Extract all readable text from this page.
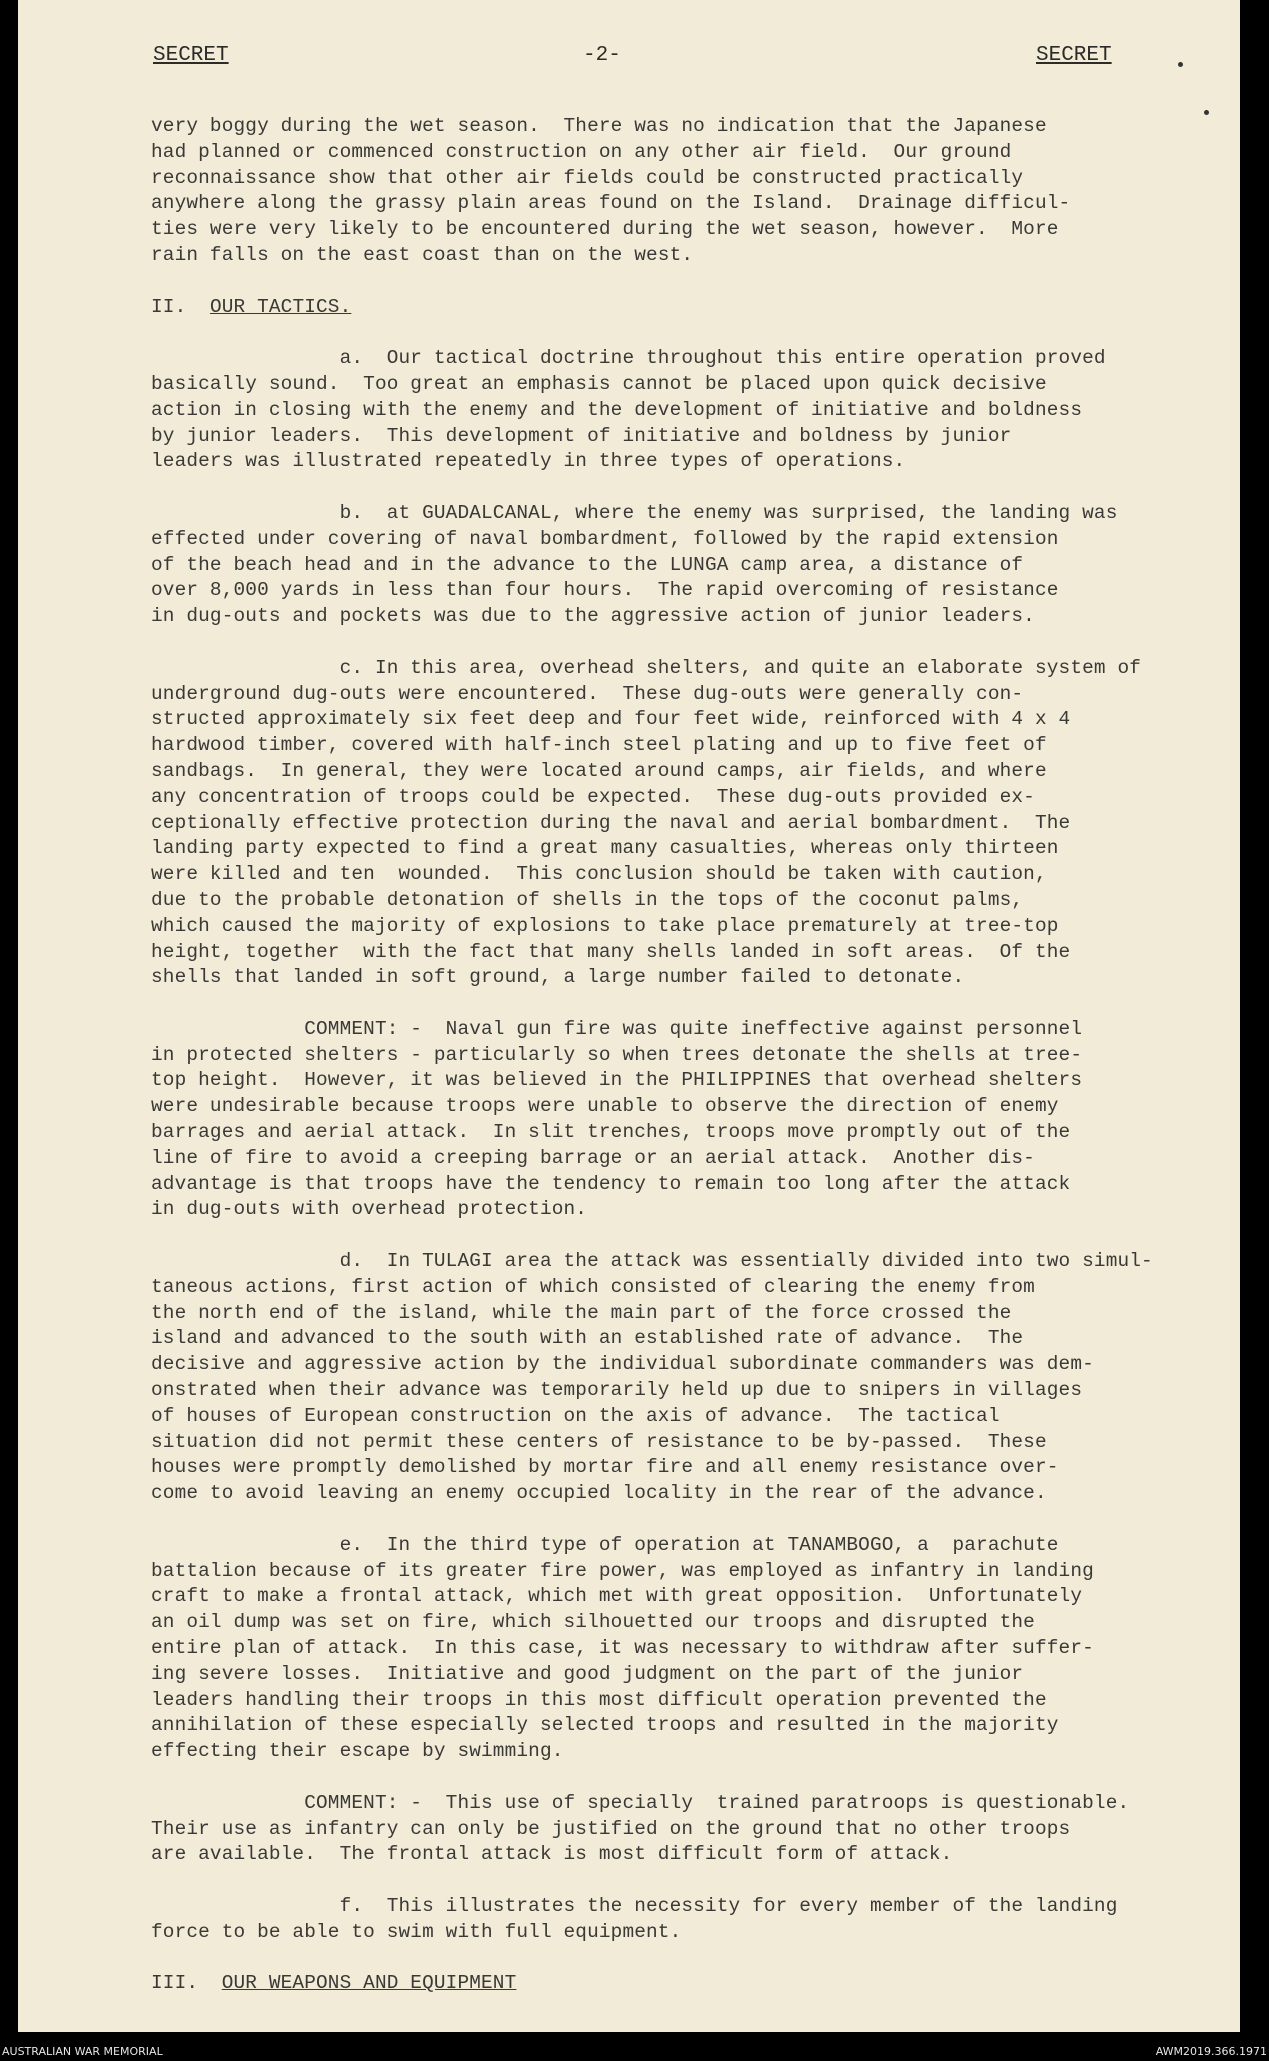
SECRET	-2-	SECRET
very boggy during the wet season.  There was no indication that the Japanese
had planned or commenced construction on any other air field.  Our ground
reconnaissance show that other air fields could be constructed practically
anywhere along the grassy plain areas found on the Island.  Drainage difficul-
ties were very likely to be encountered during the wet season, however.  More
rain falls on the east coast than on the west.
II.  OUR TACTICS.
a.  Our tactical doctrine throughout this entire operation proved
basically sound.  Too great an emphasis cannot be placed upon quick decisive
action in closing with the enemy and the development of initiative and boldness
by junior leaders.  This development of initiative and boldness by junior
leaders was illustrated repeatedly in three types of operations.
b.  at GUADALCANAL, where the enemy was surprised, the landing was
effected under covering of naval bombardment, followed by the rapid extension
of the beach head and in the advance to the LUNGA camp area, a distance of
over 8,000 yards in less than four hours.  The rapid overcoming of resistance
in dug-outs and pockets was due to the aggressive action of junior leaders.
c. In this area, overhead shelters, and quite an elaborate system of
underground dug-outs were encountered.  These dug-outs were generally con-
structed approximately six feet deep and four feet wide, reinforced with 4 x 4
hardwood timber, covered with half-inch steel plating and up to five feet of
sandbags.  In general, they were located around camps, air fields, and where
any concentration of troops could be expected.  These dug-outs provided ex-
ceptionally effective protection during the naval and aerial bombardment.  The
landing party expected to find a great many casualties, whereas only thirteen
were killed and ten  wounded.  This conclusion should be taken with caution,
due to the probable detonation of shells in the tops of the coconut palms,
which caused the majority of explosions to take place prematurely at tree-top
height, together  with the fact that many shells landed in soft areas.  Of the
shells that landed in soft ground, a large number failed to detonate.
COMMENT: -  Naval gun fire was quite ineffective against personnel
in protected shelters - particularly so when trees detonate the shells at tree-
top height.  However, it was believed in the PHILIPPINES that overhead shelters
were undesirable because troops were unable to observe the direction of enemy
barrages and aerial attack.  In slit trenches, troops move promptly out of the
line of fire to avoid a creeping barrage or an aerial attack.  Another dis-
advantage is that troops have the tendency to remain too long after the attack
in dug-outs with overhead protection.
d.  In TULAGI area the attack was essentially divided into two simul-
taneous actions, first action of which consisted of clearing the enemy from
the north end of the island, while the main part of the force crossed the
island and advanced to the south with an established rate of advance.  The
decisive and aggressive action by the individual subordinate commanders was dem-
onstrated when their advance was temporarily held up due to snipers in villages
of houses of European construction on the axis of advance.  The tactical
situation did not permit these centers of resistance to be by-passed.  These
houses were promptly demolished by mortar fire and all enemy resistance over-
come to avoid leaving an enemy occupied locality in the rear of the advance.
e.  In the third type of operation at TANAMBOGO, a  parachute
battalion because of its greater fire power, was employed as infantry in landing
craft to make a frontal attack, which met with great opposition.  Unfortunately
an oil dump was set on fire, which silhouetted our troops and disrupted the
entire plan of attack.  In this case, it was necessary to withdraw after suffer-
ing severe losses.  Initiative and good judgment on the part of the junior
leaders handling their troops in this most difficult operation prevented the
annihilation of these especially selected troops and resulted in the majority
effecting their escape by swimming.
COMMENT: -  This use of specially  trained paratroops is questionable.
Their use as infantry can only be justified on the ground that no other troops
are available.  The frontal attack is most difficult form of attack.
f.  This illustrates the necessity for every member of the landing
force to be able to swim with full equipment.
III.  OUR WEAPONS AND EQUIPMENT
AUSTRALIAN WAR MEMORIAL	AWM2019.366.1971
